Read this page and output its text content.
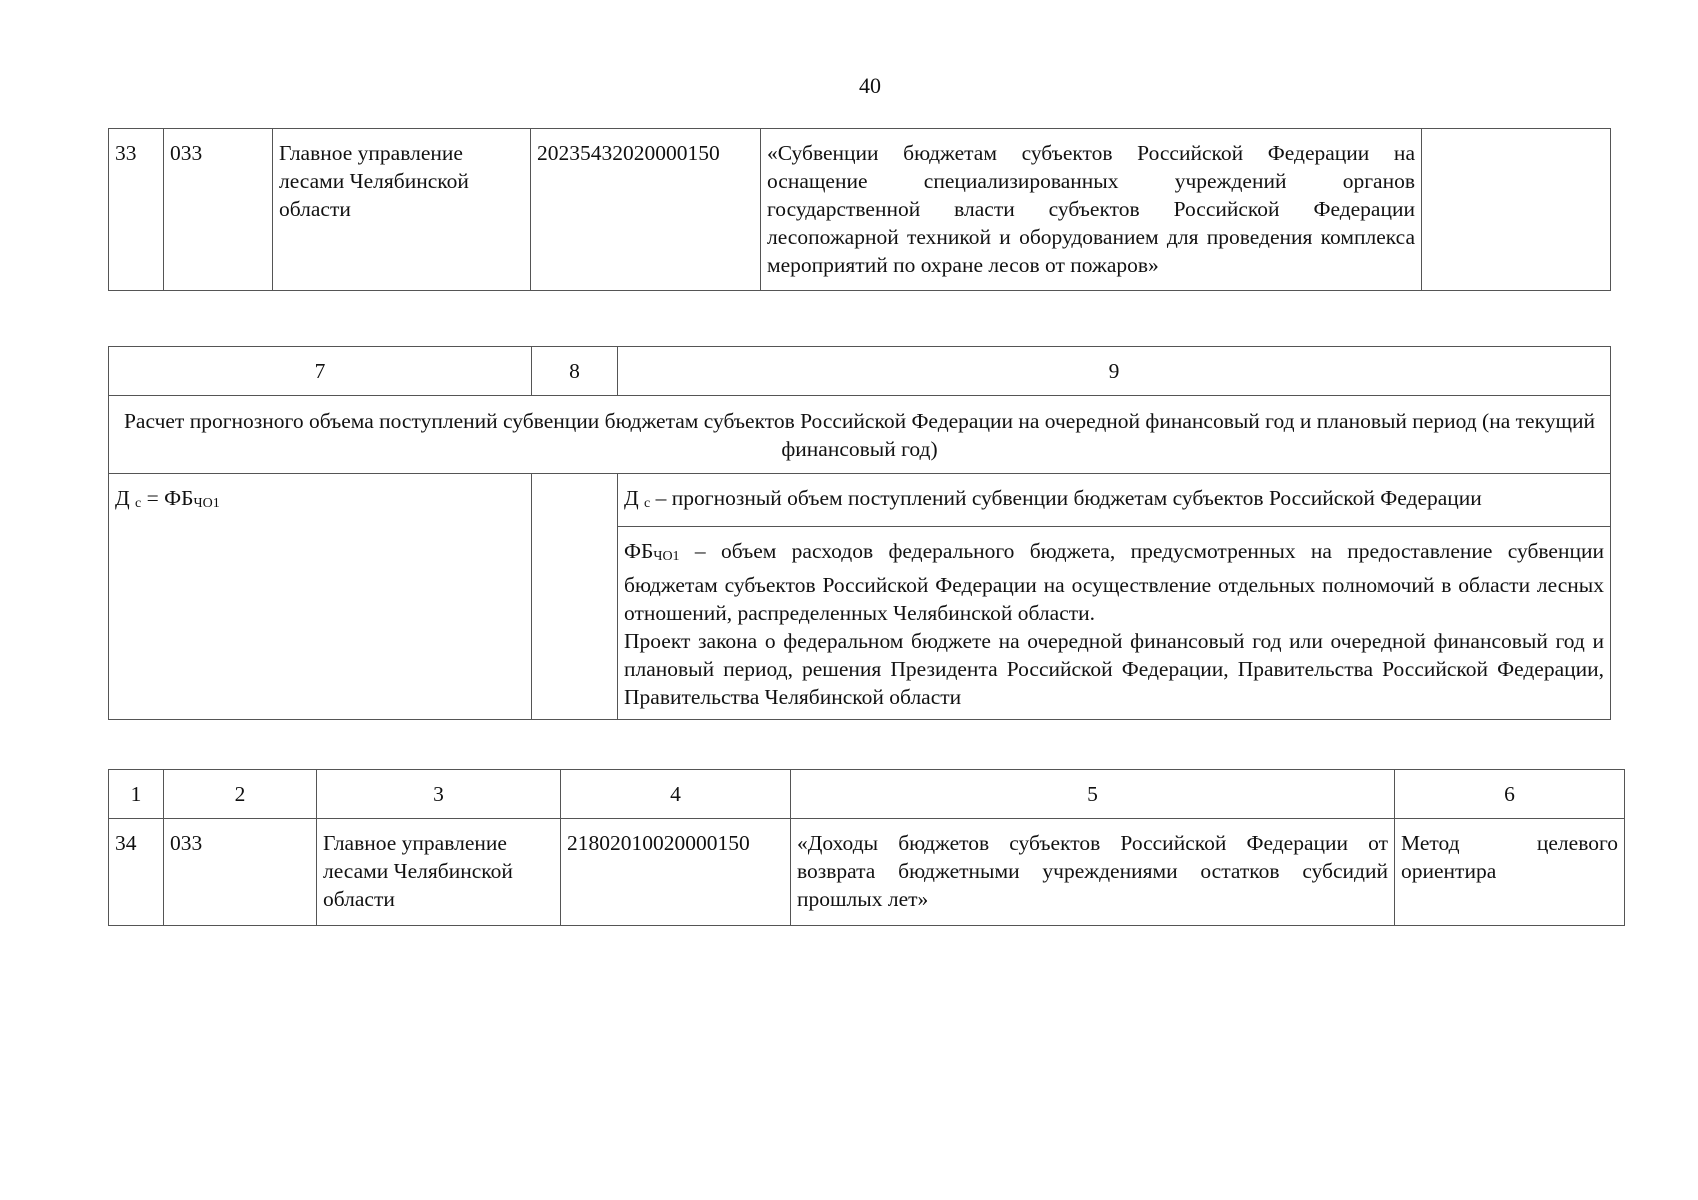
40
33	033	Главное управление лесами Челябинской области	20235432020000150	«Субвенции бюджетам субъектов Российской Федерации на оснащение специализированных учреждений органов государственной власти субъектов Российской Федерации лесопожарной техникой и оборудованием для проведения комплекса мероприятий по охране лесов от пожаров»	
7	8	9
Расчет прогнозного объема поступлений субвенции бюджетам субъектов Российской Федерации на очередной финансовый год и плановый период (на текущий финансовый год)		
Д $_с = ФБ_{ЧО1}$		Д $_с$ – прогнозный объем поступлений субвенции бюджетам субъектов Российской Федерации

		$ФБ_{ЧО1}$ – объем расходов федерального бюджета, предусмотренных на предоставление субвенции бюджетам субъектов Российской Федерации на осуществление отдельных полномочий в области лесных отношений, распределенных Челябинской области.
Проект закона о федеральном бюджете на очередной финансовый год или очередной финансовый год и плановый период, решения Президента Российской Федерации, Правительства Российской Федерации, Правительства Челябинской области
1	2	3	4	5	6
34	033	Главное управление лесами Челябинской области	21802010020000150	«Доходы бюджетов субъектов Российской Федерации от возврата бюджетными учреждениями остатков субсидий прошлых лет»	Метод целевого ориентира
